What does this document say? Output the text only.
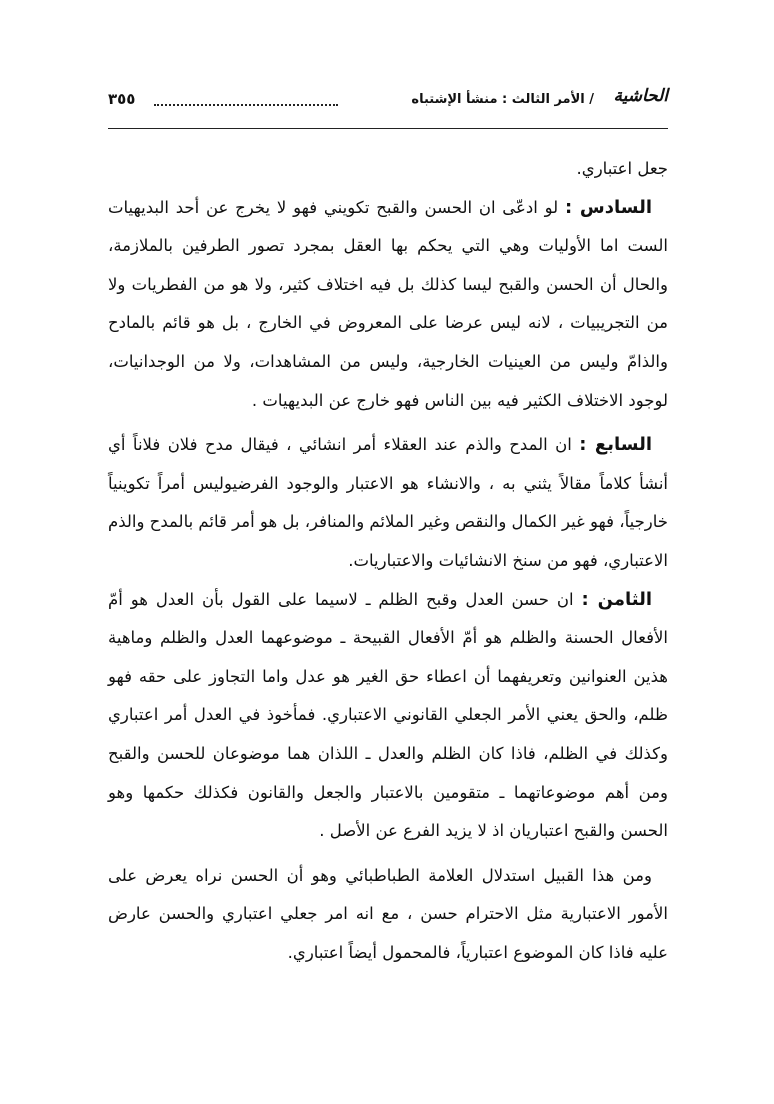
الحاشية
/ الأمر الثالث : منشأ الإشتباه
٣٥٥

جعل اعتباري.

السادس : لو ادعّى ان الحسن والقبح تكويني فهو لا يخرج عن أحد البديهيات الست اما الأوليات وهي التي يحكم بها العقل بمجرد تصور الطرفين بالملازمة، والحال أن الحسن والقبح ليسا كذلك بل فيه اختلاف كثير، ولا هو من الفطريات ولا من التجريبيات ، لانه ليس عرضا على المعروض في الخارج ، بل هو قائم بالمادح والذامّ وليس من العينيات الخارجية، وليس من المشاهدات، ولا من الوجدانيات، لوجود الاختلاف الكثير فيه بين الناس فهو خارج عن البديهيات .

السابع : ان المدح والذم عند العقلاء أمر انشائي ، فيقال مدح فلان فلاناً أي أنشأ كلاماً مقالاً يثني به ، والانشاء هو الاعتبار والوجود الفرضيوليس أمراً تكوينياً خارجياً، فهو غير الكمال والنقص وغير الملائم والمنافر، بل هو أمر قائم بالمدح والذم الاعتباري، فهو من سنخ الانشائيات والاعتباريات.

الثامن : ان حسن العدل وقبح الظلم ـ لاسيما على القول بأن العدل هو أمّ الأفعال الحسنة والظلم هو أمّ الأفعال القبيحة ـ موضوعهما العدل والظلم وماهية هذين العنوانين وتعريفهما أن اعطاء حق الغير هو عدل واما التجاوز على حقه فهو ظلم، والحق يعني الأمر الجعلي القانوني الاعتباري. فمأخوذ في العدل أمر اعتباري وكذلك في الظلم، فاذا كان الظلم والعدل ـ اللذان هما موضوعان للحسن والقبح ومن أهم موضوعاتهما ـ متقومين بالاعتبار والجعل والقانون فكذلك حكمها وهو الحسن والقبح اعتباريان اذ لا يزيد الفرع عن الأصل .

ومن هذا القبيل استدلال العلامة الطباطبائي وهو أن الحسن نراه يعرض على الأمور الاعتبارية مثل الاحترام حسن ، مع انه امر جعلي اعتباري والحسن عارض عليه فاذا كان الموضوع اعتبارياً، فالمحمول أيضاً اعتباري.
